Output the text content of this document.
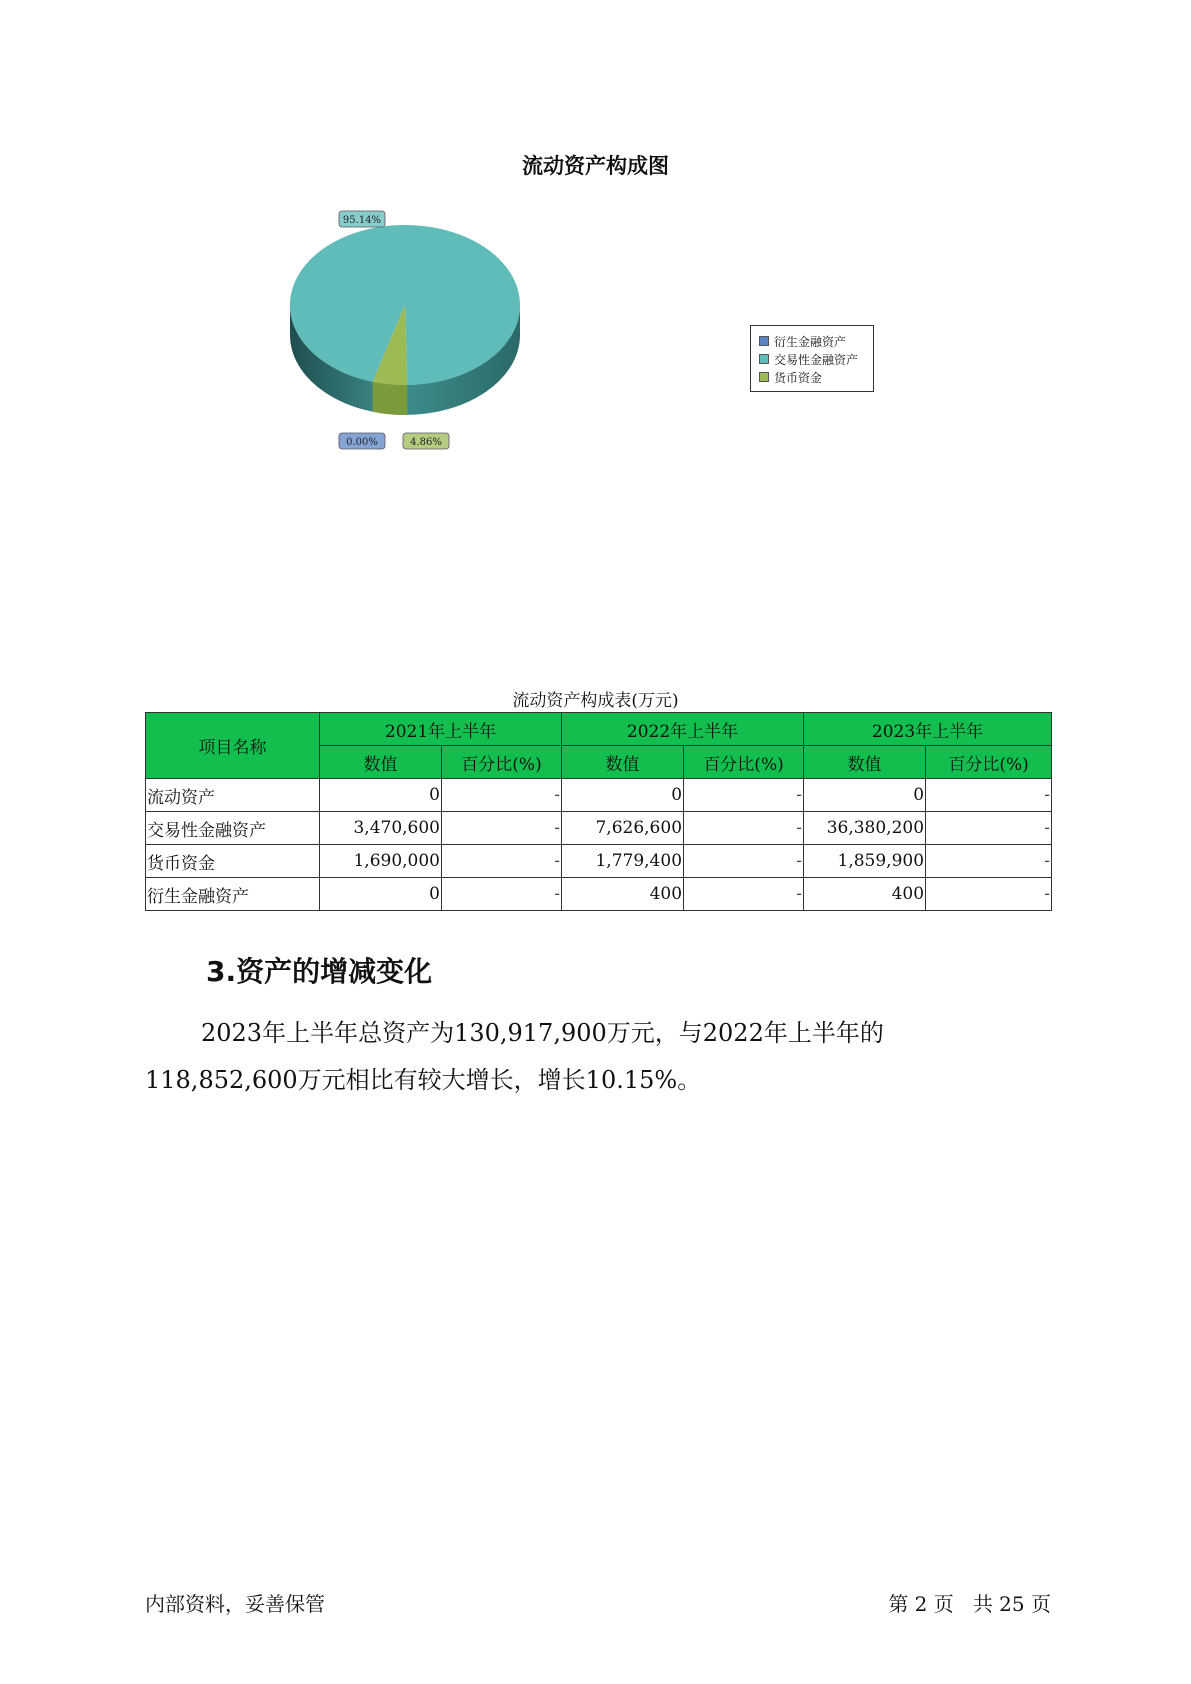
流动资产构成图
0.00%
95.14%
4.86%
衍生金融资产
交易性金融资产
货币资金
流动资产构成表(万元)
项目名称	2021年上半年		2022年上半年		2023年上半年	
	数值	百分比(%)	数值	百分比(%)	数值	百分比(%)
流动资产	0	-	0	-	0	-
交易性金融资产	3,470,600	-	7,626,600	-	36,380,200	-
货币资金	1,690,000	-	1,779,400	-	1,859,900	-
衍生金融资产	0	-	400	-	400	-
3.资产的增减变化
2023年上半年总资产为130,917,900万元，与2022年上半年的118,852,600万元相比有较大增长，增长10.15%。
内部资料，妥善保管	第 2 页   共 25 页
